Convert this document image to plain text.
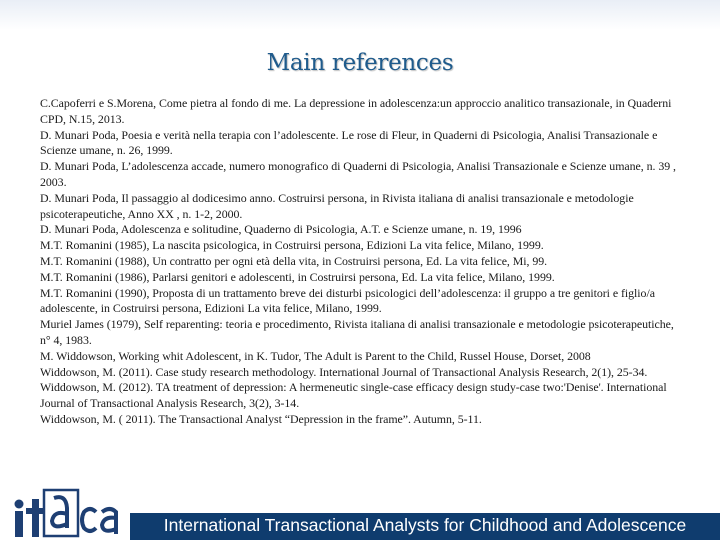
Main references
C.Capoferri e S.Morena, Come pietra al fondo di me. La depressione in adolescenza:un approccio analitico transazionale, in Quaderni CPD, N.15, 2013.
D. Munari Poda, Poesia e verità nella terapia con l’adolescente. Le rose di Fleur, in Quaderni di Psicologia, Analisi Transazionale e Scienze umane, n. 26, 1999.
D. Munari Poda, L’adolescenza accade, numero monografico di Quaderni di Psicologia, Analisi Transazionale e Scienze umane, n. 39 , 2003.
D. Munari Poda, Il passaggio al dodicesimo anno. Costruirsi persona, in Rivista italiana di analisi transazionale e metodologie psicoterapeutiche, Anno XX , n. 1-2, 2000.
D. Munari Poda, Adolescenza e solitudine, Quaderno di Psicologia, A.T. e Scienze umane, n. 19, 1996
M.T. Romanini (1985), La nascita psicologica, in Costruirsi persona, Edizioni La vita felice, Milano, 1999.
M.T. Romanini (1988), Un contratto per ogni età della vita, in Costruirsi persona, Ed. La vita felice, Mi, 99.
M.T. Romanini (1986), Parlarsi genitori e adolescenti, in Costruirsi persona, Ed. La vita felice, Milano, 1999.
M.T. Romanini (1990), Proposta di un trattamento breve dei disturbi psicologici dell’adolescenza: il gruppo a tre genitori e figlio/a adolescente, in Costruirsi persona, Edizioni La vita felice, Milano, 1999.
Muriel James (1979), Self reparenting: teoria e procedimento, Rivista italiana di analisi transazionale e metodologie psicoterapeutiche, n° 4, 1983.
M. Widdowson, Working whit Adolescent, in K. Tudor, The Adult is Parent to the Child, Russel House, Dorset, 2008
Widdowson, M. (2011). Case study research methodology. International Journal of Transactional Analysis Research, 2(1), 25-34.
Widdowson, M. (2012). TA treatment of depression: A hermeneutic single-case efficacy design study-case two:'Denise'. International Journal of Transactional Analysis Research, 3(2), 3-14.
Widdowson, M. ( 2011). The Transactional Analyst “Depression in the frame”. Autumn, 5-11.
International Transactional Analysts for Childhood and Adolescence
